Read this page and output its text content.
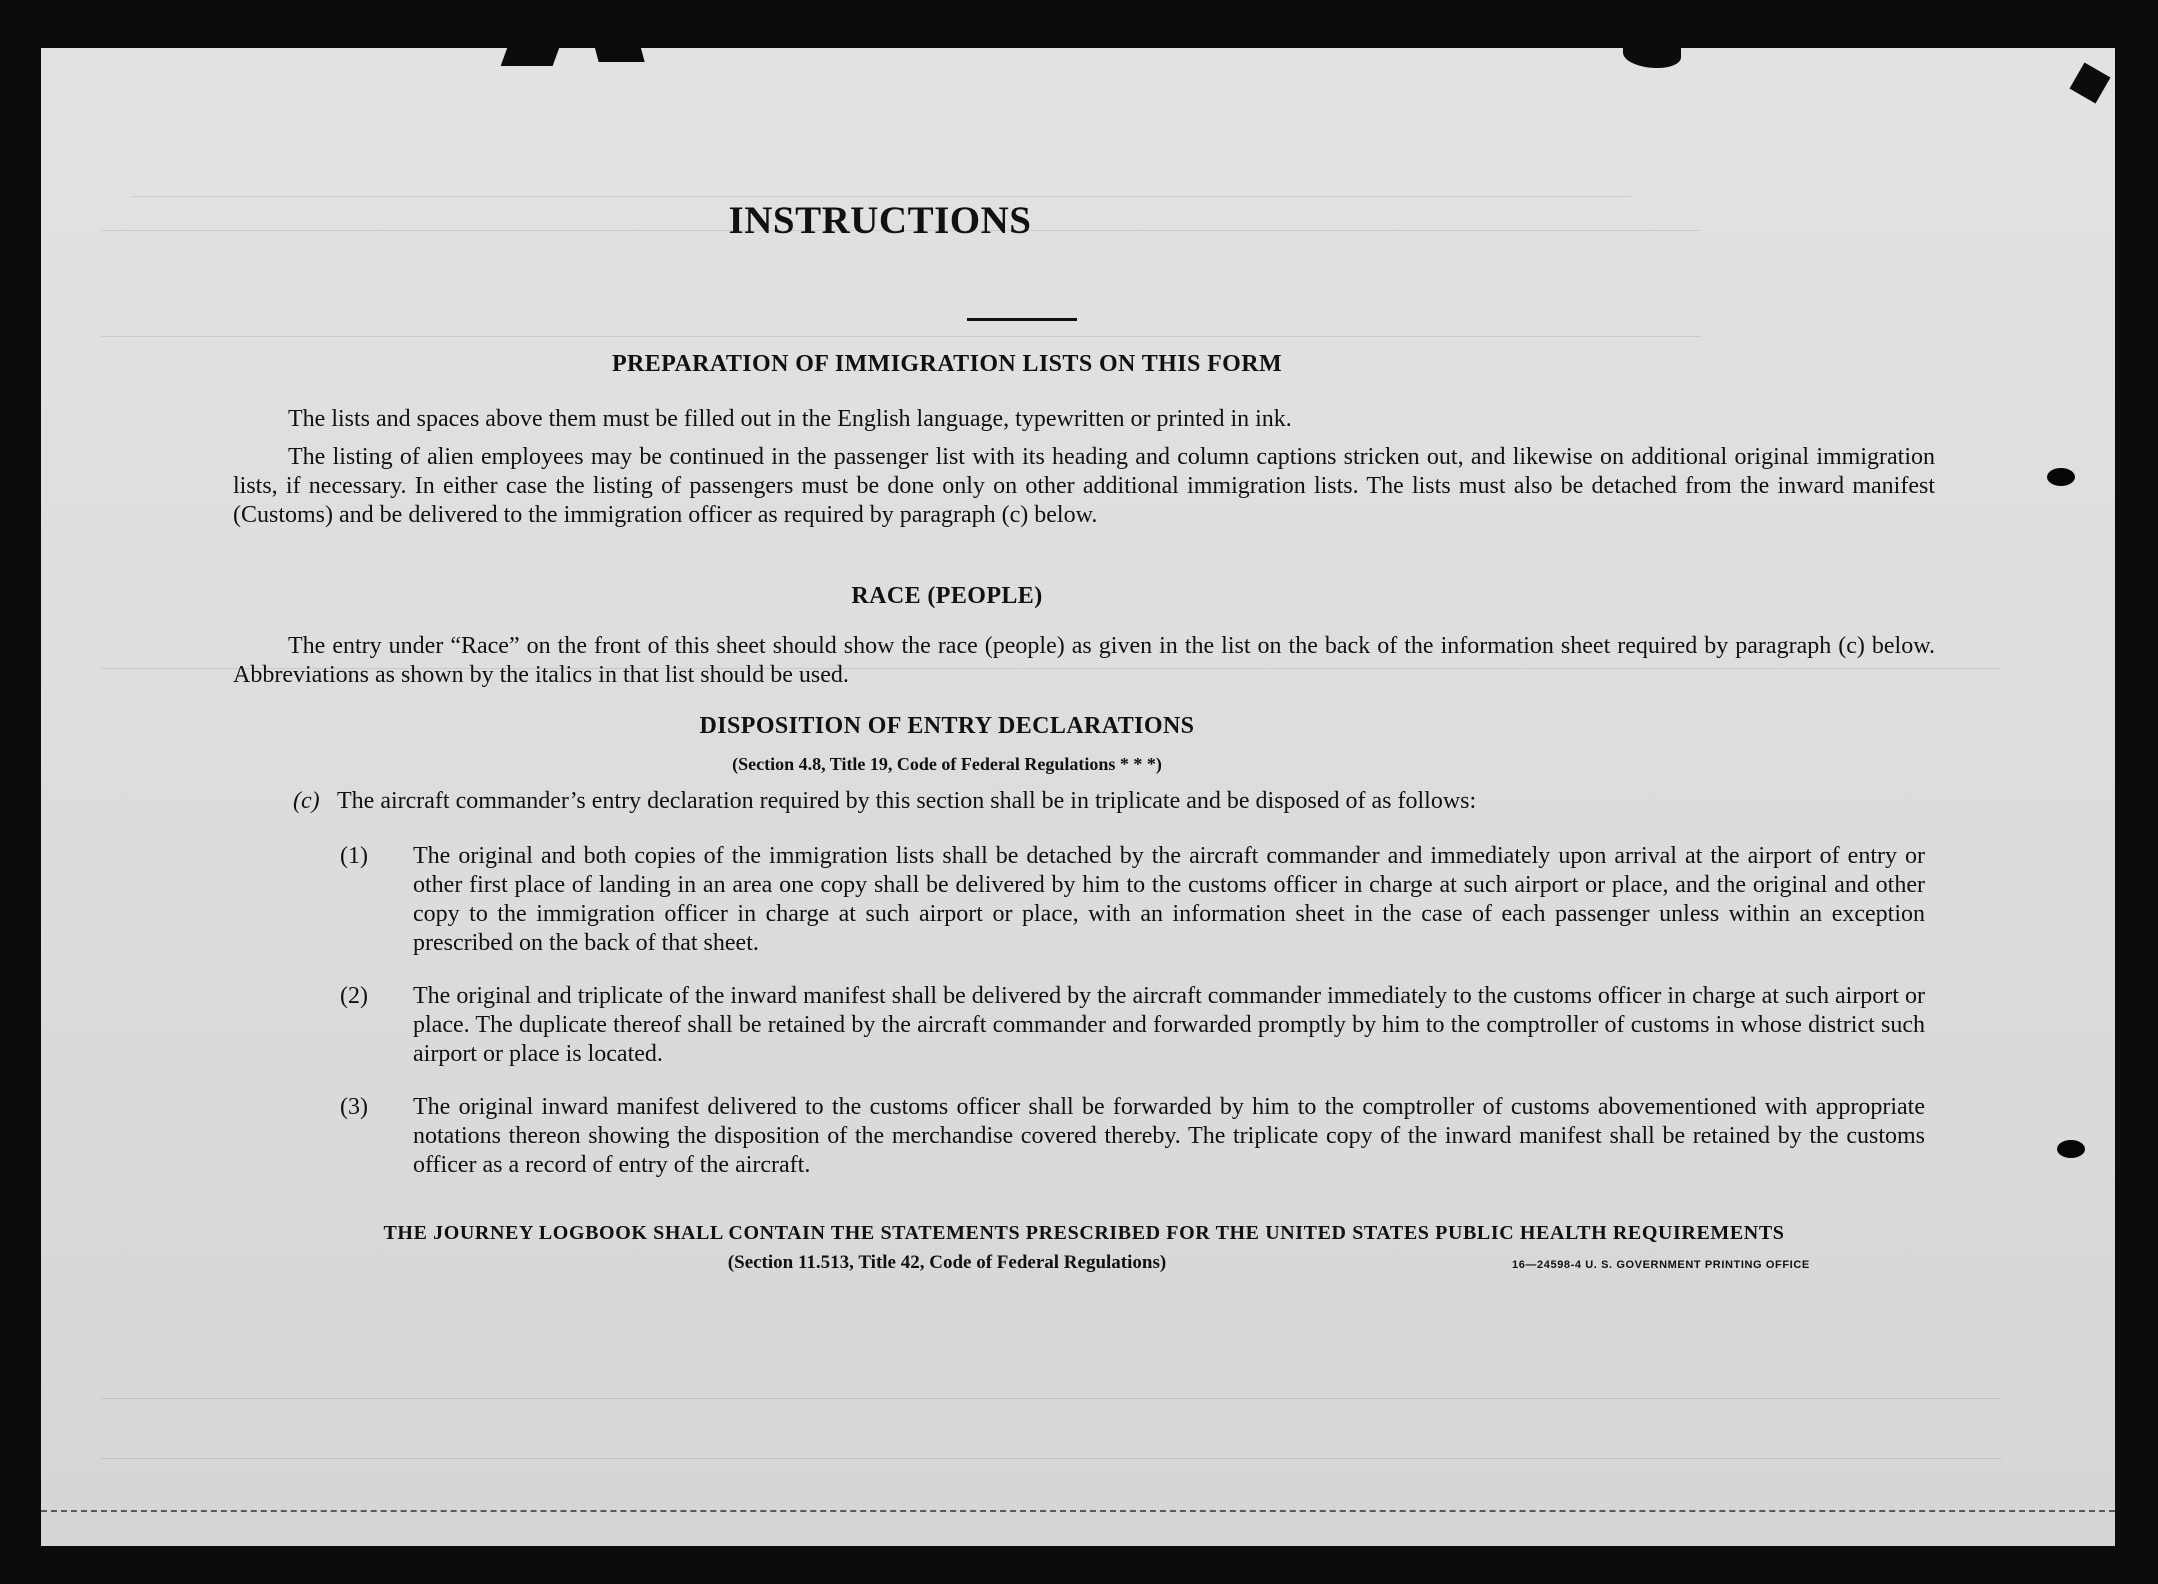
INSTRUCTIONS
PREPARATION OF IMMIGRATION LISTS ON THIS FORM
The lists and spaces above them must be filled out in the English language, typewritten or printed in ink.
The listing of alien employees may be continued in the passenger list with its heading and column captions stricken out, and likewise on additional original immigration lists, if necessary. In either case the listing of passengers must be done only on other additional immigration lists. The lists must also be detached from the inward manifest (Customs) and be delivered to the immigration officer as required by paragraph (c) below.
RACE (PEOPLE)
The entry under “Race” on the front of this sheet should show the race (people) as given in the list on the back of the information sheet required by paragraph (c) below. Abbreviations as shown by the italics in that list should be used.
DISPOSITION OF ENTRY DECLARATIONS
(Section 4.8, Title 19, Code of Federal Regulations * * *)
(c) The aircraft commander’s entry declaration required by this section shall be in triplicate and be disposed of as follows:
(1)	The original and both copies of the immigration lists shall be detached by the aircraft commander and immediately upon arrival at the airport of entry or other first place of landing in an area one copy shall be delivered by him to the customs officer in charge at such airport or place, and the original and other copy to the immigration officer in charge at such airport or place, with an information sheet in the case of each passenger unless within an exception prescribed on the back of that sheet.
(2)	The original and triplicate of the inward manifest shall be delivered by the aircraft commander immediately to the customs officer in charge at such airport or place. The duplicate thereof shall be retained by the aircraft commander and forwarded promptly by him to the comptroller of customs in whose district such airport or place is located.
(3)	The original inward manifest delivered to the customs officer shall be forwarded by him to the comptroller of customs abovementioned with appropriate notations thereon showing the disposition of the merchandise covered thereby. The triplicate copy of the inward manifest shall be retained by the customs officer as a record of entry of the aircraft.
THE JOURNEY LOGBOOK SHALL CONTAIN THE STATEMENTS PRESCRIBED FOR THE UNITED STATES PUBLIC HEALTH REQUIREMENTS
(Section 11.513, Title 42, Code of Federal Regulations)	16—24598-4 U. S. GOVERNMENT PRINTING OFFICE
